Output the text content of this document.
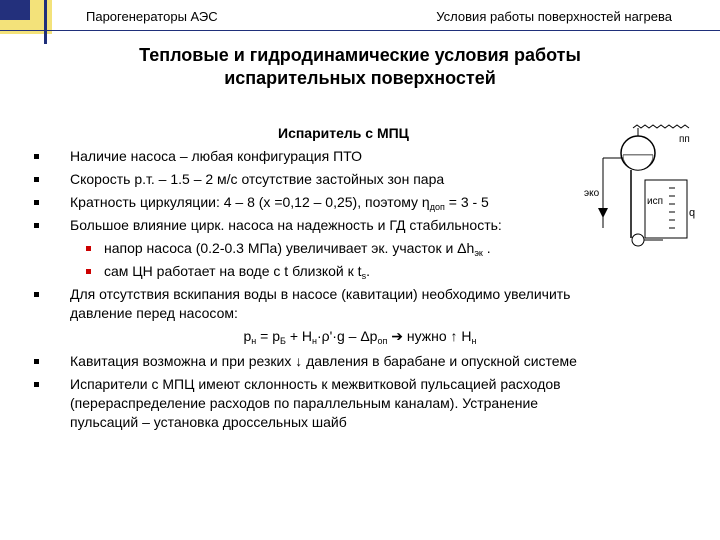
Парогенераторы АЭС	Условия работы поверхностей нагрева
Тепловые и гидродинамические условия работы
испарительных поверхностей
Испаритель с МПЦ
Наличие насоса – любая конфигурация ПТО
Скорость р.т. – 1.5 – 2 м/с отсутствие застойных зон пара
Кратность циркуляции: 4 – 8 (х =0,12 – 0,25), поэтому $\eta_{доп} = 3 - 5$
Большое влияние цирк. насоса на надежность и ГД стабильность:
напор насоса (0.2-0.3 МПа) увеличивает эк. участок и $\Delta h_{эк}$ .
сам ЦН работает на воде с t близкой к $t_s$.
Для отсутствия вскипания воды в насосе (кавитации) необходимо увеличить
давление перед насосом:
$p_н = p_Б + H_н\cdot\rho'\cdot g - \Delta p_{оп}$ ➔ нужно ↑ $H_н$
Кавитация возможна и при резких ↓ давления в барабане и опускной системе
Испарители с МПЦ имеют склонность к межвитковой пульсацией расходов
(перераспределение расходов по параллельным каналам). Устранение
пульсаций – установка дроссельных шайб
пп
исп
эко
q
